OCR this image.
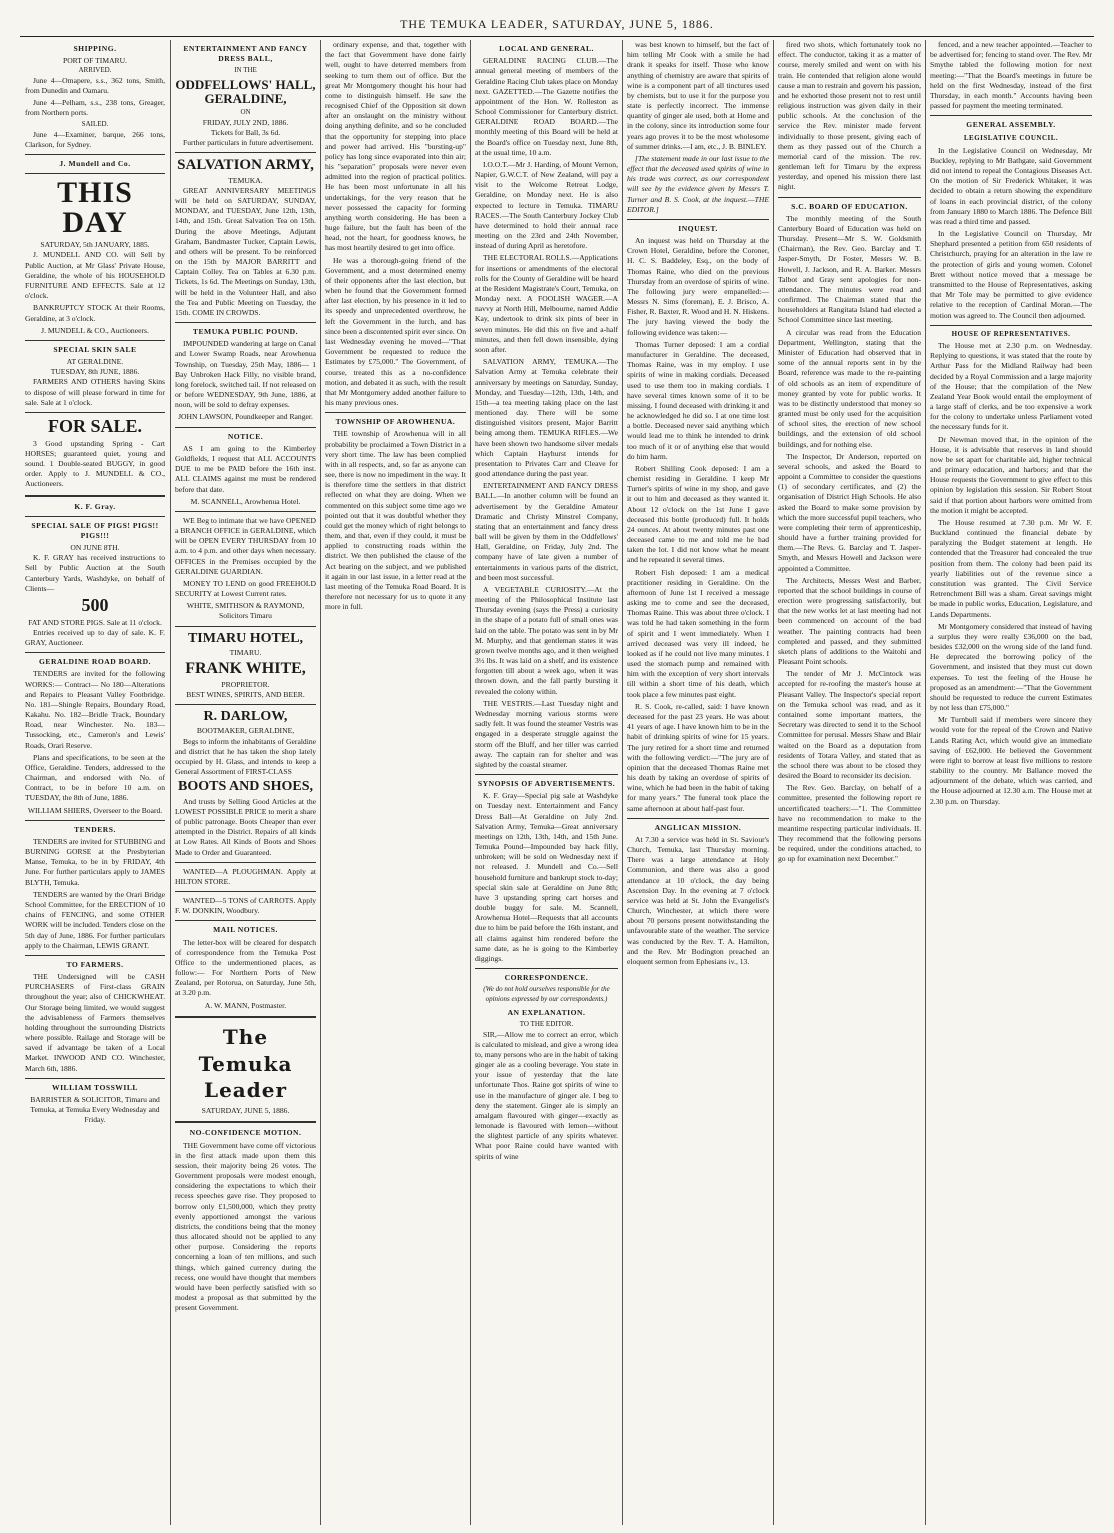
THE TEMUKA LEADER, SATURDAY, JUNE 5, 1886.
SHIPPING.
PORT OF TIMARU.
ARRIVED.

June 4—Omapere, s.s., 362 tons, Smith, from Dunedin and Oamaru.

June 4—Pelham, s.s., 238 tons, Greager, from Northern ports.

SAILED.

June 4—Examiner, barque, 266 tons, Clarkson, for Sydney.

J. Mundell and Co.
THIS DAY
SATURDAY, 5th JANUARY, 1885.

J. MUNDELL AND CO. will Sell by Public Auction, at Mr Glass' Private House, Geraldine, the whole of his HOUSEHOLD FURNITURE AND EFFECTS. Sale at 12 o'clock.

BANKRUPTCY STOCK At their Rooms, Geraldine, at 3 o'clock.

J. MUNDELL & CO., Auctioneers.
SPECIAL SKIN SALE
AT GERALDINE.
TUESDAY, 8th JUNE, 1886.

FARMERS AND OTHERS having Skins to dispose of will please forward in time for sale. Sale at 1 o'clock.

FOR SALE.

3 Good upstanding Spring - Cart HORSES; guaranteed quiet, young and sound. 1 Double-seated BUGGY, in good order. Apply to J. MUNDELL & CO., Auctioneers.

K. F. Gray.
SPECIAL SALE OF PIGS! PIGS!! PIGS!!!
ON JUNE 8TH.

K. F. GRAY has received instructions to Sell by Public Auction at the South Canterbury Yards, Washdyke, on behalf of Clients—

500
FAT AND STORE PIGS. Sale at 11 o'clock.

Entries received up to day of sale. K. F. GRAY, Auctioneer.

GERALDINE ROAD BOARD.

TENDERS are invited for the following WORKS:— Contract— No 180—Alterations and Repairs to Pleasant Valley Footbridge. No. 181—Shingle Repairs, Boundary Road, Kakahu. No. 182—Bridle Track, Boundary Road, near Winchester. No. 183—Tussocking, etc., Cameron's and Lewis' Roads, Orari Reserve.

Plans and specifications, to be seen at the Office, Geraldine. Tenders, addressed to the Chairman, and endorsed with No. of Contract, to be in before 10 a.m. on TUESDAY, the 8th of June, 1886.

WILLIAM SHIERS, Overseer to the Board.
TENDERS.

TENDERS are invited for STUBBING and BURNING GORSE at the Presbyterian Manse, Temuka, to be in by FRIDAY, 4th June. For further particulars apply to JAMES BLYTH, Temuka.

TENDERS are wanted by the Orari Bridge School Committee, for the ERECTION of 10 chains of FENCING, and some OTHER WORK will be included. Tenders close on the 5th day of June, 1886. For further particulars apply to the Chairman, LEWIS GRANT.

TO FARMERS.

THE Undersigned will be CASH PURCHASERS of First-class GRAIN throughout the year; also of CHICKWHEAT. Our Storage being limited, we would suggest the advisableness of Farmers themselves holding throughout the surrounding Districts where possible. Railage and Storage will be saved if advantage be taken of a Local Market. INWOOD AND CO. Winchester, March 6th, 1886.

WILLIAM TOSSWILL
BARRISTER & SOLICITOR, Timaru and Temuka, at Temuka Every Wednesday and Friday.
ENTERTAINMENT AND FANCY DRESS BALL,
IN THE
ODDFELLOWS' HALL, GERALDINE,
ON
FRIDAY, JULY 2ND, 1886.
Tickets for Ball, 3s 6d.

Further particulars in future advertisement.

SALVATION ARMY,
TEMUKA.

GREAT ANNIVERSARY MEETINGS will be held on SATURDAY, SUNDAY, MONDAY, and TUESDAY, June 12th, 13th, 14th, and 15th. Great Salvation Tea on 15th. During the above Meetings, Adjutant Graham, Bandmaster Tucker, Captain Lewis, and others will be present. To be reinforced on the 15th by MAJOR BARRITT and Captain Colley. Tea on Tables at 6.30 p.m. Tickets, 1s 6d. The Meetings on Sunday, 13th, will be held in the Volunteer Hall, and also the Tea and Public Meeting on Tuesday, the 15th. COME IN CROWDS.

TEMUKA PUBLIC POUND.

IMPOUNDED wandering at large on Canal and Lower Swamp Roads, near Arowhenua Township, on Tuesday, 25th May, 1886— 1 Bay Unbroken Hack Filly, no visible brand, long forelock, switched tail. If not released on or before WEDNESDAY, 9th June, 1886, at noon, will be sold to defray expenses.

JOHN LAWSON, Poundkeeper and Ranger.
NOTICE.

AS I am going to the Kimberley Goldfields, I request that ALL ACCOUNTS DUE to me be PAID before the 16th inst. ALL CLAIMS against me must be rendered before that date.

M. SCANNELL, Arowhenua Hotel.

WE Beg to intimate that we have OPENED a BRANCH OFFICE in GERALDINE, which will be OPEN EVERY THURSDAY from 10 a.m. to 4 p.m. and other days when necessary. OFFICES in the Premises occupied by the GERALDINE GUARDIAN.

MONEY TO LEND on good FREEHOLD SECURITY at Lowest Current rates.

WHITE, SMITHSON & RAYMOND, Solicitors Timaru
TIMARU HOTEL,
TIMARU.
FRANK WHITE,
PROPRIETOR.
BEST WINES, SPIRITS, AND BEER.
R. DARLOW,
BOOTMAKER, GERALDINE,

Begs to inform the inhabitants of Geraldine and district that he has taken the shop lately occupied by H. Glass, and intends to keep a General Assortment of FIRST-CLASS

BOOTS AND SHOES,

And trusts by Selling Good Articles at the LOWEST POSSIBLE PRICE to merit a share of public patronage. Boots Cheaper than ever attempted in the District. Repairs of all kinds at Low Rates. All Kinds of Boots and Shoes Made to Order and Guaranteed.

WANTED—A PLOUGHMAN. Apply at HILTON STORE.

WANTED—5 TONS of CARROTS. Apply F. W. DONKIN, Woodbury.

MAIL NOTICES.

The letter-box will be cleared for despatch of correspondence from the Temuka Post Office to the undermentioned places, as follow:— For Northern Ports of New Zealand, per Rotorua, on Saturday, June 5th, at 3.20 p.m.

A. W. MANN, Postmaster.
The Temuka Leader
SATURDAY, JUNE 5, 1886.
NO-CONFIDENCE MOTION.

THE Government have come off victorious in the first attack made upon them this session, their majority being 26 votes. The Government proposals were modest enough, considering the expectations to which their recess speeches gave rise. They proposed to borrow only £1,500,000, which they pretty evenly apportioned amongst the various districts, the conditions being that the money thus allocated should not be applied to any other purpose. Considering the reports concerning a loan of ten millions, and such things, which gained currency during the recess, one would have thought that members would have been perfectly satisfied with so modest a proposal as that submitted by the present Government.

ordinary expense, and that, together with the fact that Government have done fairly well, ought to have deterred members from seeking to turn them out of office. But the great Mr Montgomery thought his hour had come to distinguish himself. He saw the recognised Chief of the Opposition sit down after an onslaught on the ministry without doing anything definite, and so he concluded that the opportunity for stepping into place and power had arrived. His "bursting-up" policy has long since evaporated into thin air; his "separation" proposals were never even admitted into the region of practical politics. He has been most unfortunate in all his undertakings, for the very reason that he never possessed the capacity for forming anything worth considering. He has been a huge failure, but the fault has been of the head, not the heart, for goodness knows, he has most heartily desired to get into office.

He was a thorough-going friend of the Government, and a most determined enemy of their opponents after the last election, but when he found that the Government formed after last election, by his presence in it led to its speedy and unprecedented overthrow, he left the Government in the lurch, and has since been a discontented spirit ever since. On last Wednesday evening he moved—"That Government be requested to reduce the Estimates by £75,000." The Government, of course, treated this as a no-confidence motion, and debated it as such, with the result that Mr Montgomery added another failure to his many previous ones.

TOWNSHIP OF AROWHENUA.

THE township of Arowhenua will in all probability be proclaimed a Town District in a very short time. The law has been complied with in all respects, and, so far as anyone can see, there is now no impediment in the way. It is therefore time the settlers in that district reflected on what they are doing. When we commented on this subject some time ago we pointed out that it was doubtful whether they could get the money which of right belongs to them, and that, even if they could, it must be applied to constructing roads within the district. We then published the clause of the Act bearing on the subject, and we published it again in our last issue, in a letter read at the last meeting of the Temuka Road Board. It is therefore not necessary for us to quote it any more in full.

LOCAL AND GENERAL.

GERALDINE RACING CLUB.—The annual general meeting of members of the Geraldine Racing Club takes place on Monday next. GAZETTED.—The Gazette notifies the appointment of the Hon. W. Rolleston as School Commissioner for Canterbury district. GERALDINE ROAD BOARD.—The monthly meeting of this Board will be held at the Board's office on Tuesday next, June 8th, at the usual time, 10 a.m.

I.O.O.T.—Mr J. Harding, of Mount Vernon, Napier, G.W.C.T. of New Zealand, will pay a visit to the Welcome Retreat Lodge, Geraldine, on Monday next. He is also expected to lecture in Temuka. TIMARU RACES.—The South Canterbury Jockey Club have determined to hold their annual race meeting on the 23rd and 24th November, instead of during April as heretofore.

THE ELECTORAL ROLLS.—Applications for insertions or amendments of the electoral rolls for the County of Geraldine will be heard at the Resident Magistrate's Court, Temuka, on Monday next. A FOOLISH WAGER.—A navvy at North Hill, Melbourne, named Addie Kay, undertook to drink six pints of beer in seven minutes. He did this on five and a-half minutes, and then fell down insensible, dying soon after.

SALVATION ARMY, TEMUKA.—The Salvation Army at Temuka celebrate their anniversary by meetings on Saturday, Sunday, Monday, and Tuesday—12th, 13th, 14th, and 15th—a tea meeting taking place on the last mentioned day. There will be some distinguished visitors present, Major Barritt being among them. TEMUKA RIFLES.—We have been shown two handsome silver medals which Captain Hayhurst intends for presentation to Privates Carr and Cleave for good attendance during the past year.

ENTERTAINMENT AND FANCY DRESS BALL.—In another column will be found an advertisement by the Geraldine Amateur Dramatic and Christy Minstrel Company, stating that an entertainment and fancy dress ball will be given by them in the Oddfellows' Hall, Geraldine, on Friday, July 2nd. The company have of late given a number of entertainments in various parts of the district, and been most successful.

A VEGETABLE CURIOSITY.—At the meeting of the Philosophical Institute last Thursday evening (says the Press) a curiosity in the shape of a potato full of small ones was laid on the table. The potato was sent in by Mr M. Murphy, and that gentleman states it was grown twelve months ago, and it then weighed 3½ lbs. It was laid on a shelf, and its existence forgotten till about a week ago, when it was thrown down, and the fall partly bursting it revealed the colony within.

THE VESTRIS.—Last Tuesday night and Wednesday morning various storms were sadly felt. It was found the steamer Vestris was engaged in a desperate struggle against the storm off the Bluff, and her tiller was carried away. The captain ran for shelter and was sighted by the coastal steamer.

SYNOPSIS OF ADVERTISEMENTS.

K. F. Gray—Special pig sale at Washdyke on Tuesday next. Entertainment and Fancy Dress Ball—At Geraldine on July 2nd. Salvation Army, Temuka—Great anniversary meetings on 12th, 13th, 14th, and 15th June. Temuka Pound—Impounded bay hack filly, unbroken; will be sold on Wednesday next if not released. J. Mundell and Co.—Sell household furniture and bankrupt stock to-day; special skin sale at Geraldine on June 8th; have 3 upstanding spring cart horses and double buggy for sale. M. Scannell, Arowhenua Hotel—Requests that all accounts due to him be paid before the 16th instant, and all claims against him rendered before the same date, as he is going to the Kimberley diggings.

CORRESPONDENCE.
(We do not hold ourselves responsible for the opinions expressed by our correspondents.)
AN EXPLANATION.
TO THE EDITOR.

SIR,—Allow me to correct an error, which is calculated to mislead, and give a wrong idea to, many persons who are in the habit of taking ginger ale as a cooling beverage. You state in your issue of yesterday that the late unfortunate Thos. Raine got spirits of wine to use in the manufacture of ginger ale. I beg to deny the statement. Ginger ale is simply an amalgam flavoured with ginger—exactly as lemonade is flavoured with lemon—without the slightest particle of any spirits whatever. What poor Raine could have wanted with spirits of wine

was best known to himself, but the fact of him telling Mr Cook with a smile he had drank it speaks for itself. Those who know anything of chemistry are aware that spirits of wine is a component part of all tinctures used by chemists, but to use it for the purpose you state is perfectly incorrect. The immense quantity of ginger ale used, both at Home and in the colony, since its introduction some four years ago proves it to be the most wholesome of summer drinks.—I am, etc., J. B. BINLEY.

[The statement made in our last issue to the effect that the deceased used spirits of wine in his trade was correct, as our correspondent will see by the evidence given by Messrs T. Turner and B. S. Cook, at the inquest.—THE EDITOR.]

INQUEST.

An inquest was held on Thursday at the Crown Hotel, Geraldine, before the Coroner, H. C. S. Baddeley, Esq., on the body of Thomas Raine, who died on the previous Thursday from an overdose of spirits of wine. The following jury were empanelled:—Messrs N. Sims (foreman), E. J. Brisco, A. Fisher, R. Baxter, R. Wood and H. N. Hiskens. The jury having viewed the body the following evidence was taken:—

Thomas Turner deposed: I am a cordial manufacturer in Geraldine. The deceased, Thomas Raine, was in my employ. I use spirits of wine in making cordials. Deceased used to use them too in making cordials. I have several times known some of it to be missing. I found deceased with drinking it and he acknowledged he did so. I at one time lost a bottle. Deceased never said anything which would lead me to think he intended to drink too much of it or of anything else that would do him harm.

Robert Shilling Cook deposed: I am a chemist residing in Geraldine. I keep Mr Turner's spirits of wine in my shop, and gave it out to him and deceased as they wanted it. About 12 o'clock on the 1st June I gave deceased this bottle (produced) full. It holds 24 ounces. At about twenty minutes past one deceased came to me and told me he had taken the lot. I did not know what he meant and he repeated it several times.

Robert Fish deposed: I am a medical practitioner residing in Geraldine. On the afternoon of June 1st I received a message asking me to come and see the deceased, Thomas Raine. This was about three o'clock. I was told he had taken something in the form of spirit and I went immediately. When I arrived deceased was very ill indeed, he looked as if he could not live many minutes. I used the stomach pump and remained with him with the exception of very short intervals till within a short time of his death, which took place a few minutes past eight.

R. S. Cook, re-called, said: I have known deceased for the past 23 years. He was about 41 years of age. I have known him to be in the habit of drinking spirits of wine for 15 years. The jury retired for a short time and returned with the following verdict:—"The jury are of opinion that the deceased Thomas Raine met his death by taking an overdose of spirits of wine, which he had been in the habit of taking for many years." The funeral took place the same afternoon at about half-past four.

ANGLICAN MISSION.

At 7.30 a service was held in St. Saviour's Church, Temuka, last Thursday morning. There was a large attendance at Holy Communion, and there was also a good attendance at 10 o'clock, the day being Ascension Day. In the evening at 7 o'clock service was held at St. John the Evangelist's Church, Winchester, at which there were about 70 persons present notwithstanding the unfavourable state of the weather. The service was conducted by the Rev. T. A. Hamilton, and the Rev. Mr Bodington preached an eloquent sermon from Ephesians iv., 13.

fired two shots, which fortunately took no effect. The conductor, taking it as a matter of course, merely smiled and went on with his train. He contended that religion alone would cause a man to restrain and govern his passion, and he exhorted those present not to rest until religious instruction was given daily in their public schools. At the conclusion of the service the Rev. minister made fervent individually to those present, giving each of them as they passed out of the Church a memorial card of the mission. The rev. gentleman left for Timaru by the express yesterday, and opened his mission there last night.

S.C. BOARD OF EDUCATION.

The monthly meeting of the South Canterbury Board of Education was held on Thursday. Present—Mr S. W. Goldsmith (Chairman), the Rev. Geo. Barclay and T. Jasper-Smyth, Dr Foster, Messrs W. B. Howell, J. Jackson, and R. A. Barker. Messrs Talbot and Gray sent apologies for non-attendance. The minutes were read and confirmed. The Chairman stated that the householders at Rangitata Island had elected a School Committee since last meeting.

A circular was read from the Education Department, Wellington, stating that the Minister of Education had observed that in some of the annual reports sent in by the Board, reference was made to the re-painting of old schools as an item of expenditure of money granted by vote for public works. It was to be distinctly understood that money so granted must be only used for the acquisition of school sites, the erection of new school buildings, and the extension of old school buildings, and for nothing else.

The Inspector, Dr Anderson, reported on several schools, and asked the Board to appoint a Committee to consider the questions (1) of secondary certificates, and (2) the organisation of District High Schools. He also asked the Board to make some provision by which the more successful pupil teachers, who were completing their term of apprenticeship, should have a further training provided for them.—The Revs. G. Barclay and T. Jasper-Smyth, and Messrs Howell and Jackson were appointed a Committee.

The Architects, Messrs West and Barber, reported that the school buildings in course of erection were progressing satisfactorily, but that the new works let at last meeting had not been commenced on account of the bad weather. The painting contracts had been completed and passed, and they submitted sketch plans of additions to the Waitohi and Pleasant Point schools.

The tender of Mr J. McCintock was accepted for re-roofing the master's house at Pleasant Valley. The Inspector's special report on the Temuka school was read, and as it contained some important matters, the Secretary was directed to send it to the School Committee for perusal. Messrs Shaw and Blair waited on the Board as a deputation from residents of Totara Valley, and stated that as the school there was about to be closed they desired the Board to reconsider its decision.

The Rev. Geo. Barclay, on behalf of a committee, presented the following report re uncertificated teachers:—"1. The Committee have no recommendation to make to the meantime respecting particular individuals. II. They recommend that the following persons be required, under the conditions attached, to go up for examination next December."

fenced, and a new teacher appointed.—Teacher to be advertised for; fencing to stand over. The Rev. Mr Smythe tabled the following motion for next meeting:—"That the Board's meetings in future be held on the first Wednesday, instead of the first Thursday, in each month." Accounts having been passed for payment the meeting terminated.

GENERAL ASSEMBLY.
LEGISLATIVE COUNCIL.

In the Legislative Council on Wednesday, Mr Buckley, replying to Mr Bathgate, said Government did not intend to repeal the Contagious Diseases Act. On the motion of Sir Frederick Whitaker, it was decided to obtain a return showing the expenditure of loans in each provincial district, of the colony from January 1880 to March 1886. The Defence Bill was read a third time and passed.

In the Legislative Council on Thursday, Mr Shephard presented a petition from 650 residents of Christchurch, praying for an alteration in the law re the protection of girls and young women. Colonel Brett without notice moved that a message be transmitted to the House of Representatives, asking that Mr Tole may be permitted to give evidence relative to the reception of Cardinal Moran.—The motion was agreed to. The Council then adjourned.

HOUSE OF REPRESENTATIVES.

The House met at 2.30 p.m. on Wednesday. Replying to questions, it was stated that the route by Arthur Pass for the Midland Railway had been decided by a Royal Commission and a large majority of the House; that the compilation of the New Zealand Year Book would entail the employment of a large staff of clerks, and be too expensive a work for the colony to undertake unless Parliament voted the necessary funds for it.

Dr Newman moved that, in the opinion of the House, it is advisable that reserves in land should now be set apart for charitable aid, higher technical and primary education, and harbors; and that the House requests the Government to give effect to this opinion by legislation this session. Sir Robert Stout said if that portion about harbors were omitted from the motion it might be accepted.

The House resumed at 7.30 p.m. Mr W. F. Buckland continued the financial debate by paralyzing the Budget statement at length. He contended that the Treasurer had concealed the true position from them. The colony had been paid its yearly liabilities out of the revenue since a constitution was granted. The Civil Service Retrenchment Bill was a sham. Great savings might be made in public works, Education, Legislature, and Lands Departments.

Mr Montgomery considered that instead of having a surplus they were really £36,000 on the bad, besides £32,000 on the wrong side of the land fund. He deprecated the borrowing policy of the Government, and insisted that they must cut down expenses. To test the feeling of the House he proposed as an amendment:—"That the Government should be requested to reduce the current Estimates by not less than £75,000."

Mr Turnbull said if members were sincere they would vote for the repeal of the Crown and Native Lands Rating Act, which would give an immediate saving of £62,000. He believed the Government were right to borrow at least five millions to restore stability to the country. Mr Ballance moved the adjournment of the debate, which was carried, and the House adjourned at 12.30 a.m. The House met at 2.30 p.m. on Thursday.
